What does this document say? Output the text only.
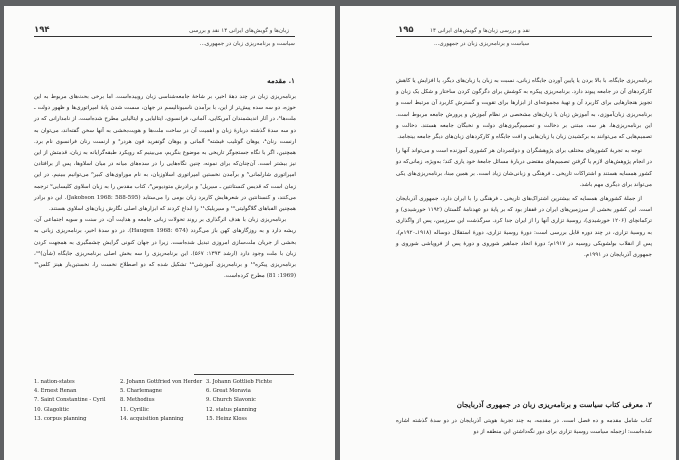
۱۹۴	زبان‌ها و گویش‌های ایرانی ۱۴ نقد و بررسی
سیاست و برنامه‌ریزی زبان در جمهوری...
۱. مقدمه

برنامه‌ریزی زبان در چند دههٔ اخیر، بر شاخهٔ جامعه‌شناسی زبان روییده‌است. اما برخی بحث‌های مربوط به این حوزه، دو سه سده پیش‌تر از این، با برآمدن ناسیونالیسم در جهان، سست شدن پایهٔ امپراتوری‌ها و ظهور دولت ـ ملت‌ها¹، در آثار اندیشمندان آمریکایی، آلمانی، فرانسوی، ایتالیایی و ایتالیایی مطرح شده‌است. از نامدارانی که در دو سه سدهٔ گذشته دربارهٔ زبان و اهمیت آن در ساخت ملت‌ها و هویت‌بخشی به آنها سخن گفته‌اند، می‌توان به ارنست رنان⁴، یوهان گوتلیب فیشته³ آلمانی و یوهان گوتفرید فون هردر² و ارنست رنان فرانسوی نام برد. همچنین، اگر با نگاه جستجوگر تاریخی به موضوع بنگریم، می‌بینیم که رویکرد طبقه‌گرایانه به زبان، قدمتش از این نیز بیشتر است. آن‌چنان‌که برای نمونه، چنین نگاه‌هایی را در سده‌های میانه در میان اسلاوها، پس از برافتادن امپراتوری شارلمانی⁵ و برآمدن نخستین امپراتوری اسلاوزبان، به نام موراوی‌های کبیر⁶ می‌توانیم ببینیم. در این زمان است که قدیس کنستانتین ـ سیریل⁷ و برادرش متودیوس⁸، کتاب مقدس را به زبان اسلاوی کلیسایی⁹ ترجمه می‌کنند، و کنستانتین در شعرهایش کاربرد زبان بومی را می‌ستاید (Jakobson 1968: 588-595). این دو برادر همچنین الفباهای گلاگولیتی¹⁰ و سیریلیک¹¹ را ابداع کردند که ابزارهای اصلی نگارش زبان‌های اسلاوی هستند.

برنامه‌ریزی زبان با هدف اثرگذاری بر روند تحولات زبانی جامعه و هدایت آن، در سنت و سویه اجتماعی آن، ریشه دارد و به روزگارهای کهن باز می‌گردد (Haugen 1968: 674). در دو سدهٔ اخیر، برنامه‌ریزی زبانی به بخشی از جریان ملت‌سازی امروزی تبدیل شده‌است. زیرا در جهان کنونی گرایش چشمگیری به همجهت کردن زبان با ملت وجود دارد (ارشد ۱۳۹۳: ۵۶۷). این برنامه‌ریزی را سه بخش اصلی برنامه‌ریزی جایگاه (شأن)¹²، برنامه‌ریزی پیکره¹³ و برنامه‌ریزی آموزشی¹⁴ تشکیل شده که دو اصطلاح نخست را، نخستین‌بار هینز کلس¹⁵ (1969: 81) مطرح کرده‌است.

1. nation-states	2. Johann Gottfried von Herder 3. Johann Gottlieb Fichte
4. Ernest Renan	5. Charlemagne	6. Great Moravia
7. Saint Constantine - Cyril	8. Methodius	9. Church Slavonic
10. Glagolitic	11. Cyrillic	12. status planning
13. corpus planning	14. acquisition planning	15. Heinz Kloss
۱۹۵	نقد و بررسی زبان‌ها و گویش‌های ایرانی ۱۴
سیاست و برنامه‌ریزی زبان در جمهوری...

برنامه‌ریزی جایگاه، با بالا بردن یا پایین آوردن جایگاه زبانی، نسبت به زبان یا زبان‌های دیگر، یا افزایش یا کاهش کارکردهای آن در جامعه پیوند دارد. برنامه‌ریزی پیکره به کوشش برای دگرگون کردن ساختار و شکل یک زبان و تجویز هنجارهایی برای کاربرد آن و تهیهٔ مجموعه‌ای از ابزارها برای تقویت و گسترش کاربرد آن مرتبط است و برنامه‌ریزی زبان‌آموزی، به آموزش زبان یا زبان‌های مشخصی در نظام آموزش و پرورش جامعه مربوط است. این برنامه‌ریزی‌ها، هر سه، مبتنی بر دخالت و تصمیم‌گیری‌های دولت و نخبگان جامعه هستند. دخالت و تصمیم‌هایی که می‌توانند به برکشیدن زبان یا زبان‌هایی و افت جایگاه و کارکردهای زبان‌های دیگر جامعه بینجامد.

توجه به تجربهٔ کشورهای مختلف برای پژوهشگران و دولتمردان هر کشوری آموزنده است و می‌تواند آنها را در انجام پژوهش‌های لازم یا گرفتن تصمیم‌های مقتضی دربارهٔ مسائل جامعهٔ خود یاری کند؛ به‌ویژه، زمانی‌که دو کشور همسایه هستند و اشتراکات تاریخی ـ فرهنگی و زبانی‌شان زیاد است. بر همین مبنا، برنامه‌ریزی‌های یکی می‌تواند برای دیگری مهم باشد.

از جملهٔ کشورهای همسایه که بیشترین اشتراک‌های تاریخی ـ فرهنگی را با ایران دارد، جمهوری آذربایجان است. این کشور بخشی از سرزمین‌های ایران در قفقاز بود که بر پایهٔ دو عهدنامهٔ گلستان (۱۱۹۲ خورشیدی) و ترکمانچای (۱۲۰۶ خورشیدی)، روسیهٔ تزاری آنها را از ایران جدا کرد. سرگذشت این سرزمین، پس از واگذاری به روسیهٔ تزاری، در چند دوره قابل بررسی است: دورهٔ روسیهٔ تزاری، دورهٔ استقلال دوساله (۱۹۱۸ـ۱۹۲۰م)، پس از انقلاب بولشویکی روسیه در ۱۹۱۷م؛ دورهٔ اتحاد جماهیر شوروی و دورهٔ پس از فروپاشی شوروی و جمهوری آذربایجان در ۱۹۹۱م.

۲. معرفی کتاب سیاست و برنامه‌ریزی زبان در جمهوری آذربایجان

کتاب شامل مقدمه و ده فصل است. در مقدمه، به چند تجربهٔ هویتی آذربایجان در دو سدهٔ گذشته اشاره شده‌است: ازجمله سیاست روسیهٔ تزاری برای دور نگه‌داشتن این منطقه از دو
